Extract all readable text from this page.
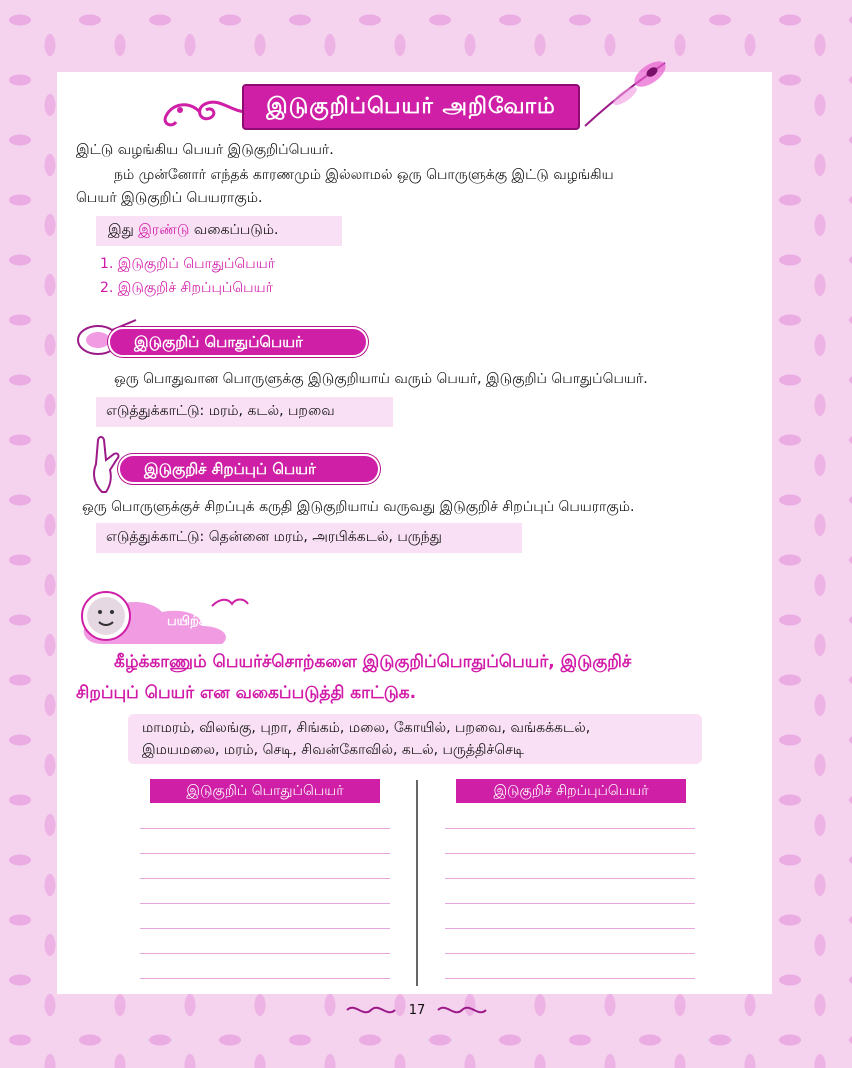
இடுகுறிப்பெயர் அறிவோம்
இட்டு வழங்கிய பெயர் இடுகுறிப்பெயர்.
நம் முன்னோர் எந்தக் காரணமும் இல்லாமல் ஒரு பொருளுக்கு இட்டு வழங்கிய
பெயர் இடுகுறிப் பெயராகும்.
இது இரண்டு வகைப்படும்.
1. இடுகுறிப் பொதுப்பெயர்
2. இடுகுறிச் சிறப்புப்பெயர்
இடுகுறிப் பொதுப்பெயர்
ஒரு பொதுவான பொருளுக்கு இடுகுறியாய் வரும் பெயர், இடுகுறிப் பொதுப்பெயர்.
எடுத்துக்காட்டு: மரம், கடல், பறவை
இடுகுறிச் சிறப்புப் பெயர்
ஒரு பொருளுக்குச் சிறப்புக் கருதி இடுகுறியாய் வருவது இடுகுறிச் சிறப்புப் பெயராகும்.
எடுத்துக்காட்டு: தென்னை மரம், அரபிக்கடல், பருந்து
பயிற்சி
கீழ்க்காணும் பெயர்ச்சொற்களை இடுகுறிப்பொதுப்பெயர், இடுகுறிச்
சிறப்புப் பெயர் என வகைப்படுத்தி காட்டுக.
மாமரம், விலங்கு, புறா, சிங்கம், மலை, கோயில், பறவை, வங்கக்கடல்,
இமயமலை, மரம், செடி, சிவன்கோவில், கடல், பருத்திச்செடி
இடுகுறிப் பொதுப்பெயர்	இடுகுறிச் சிறப்புப்பெயர்
17
